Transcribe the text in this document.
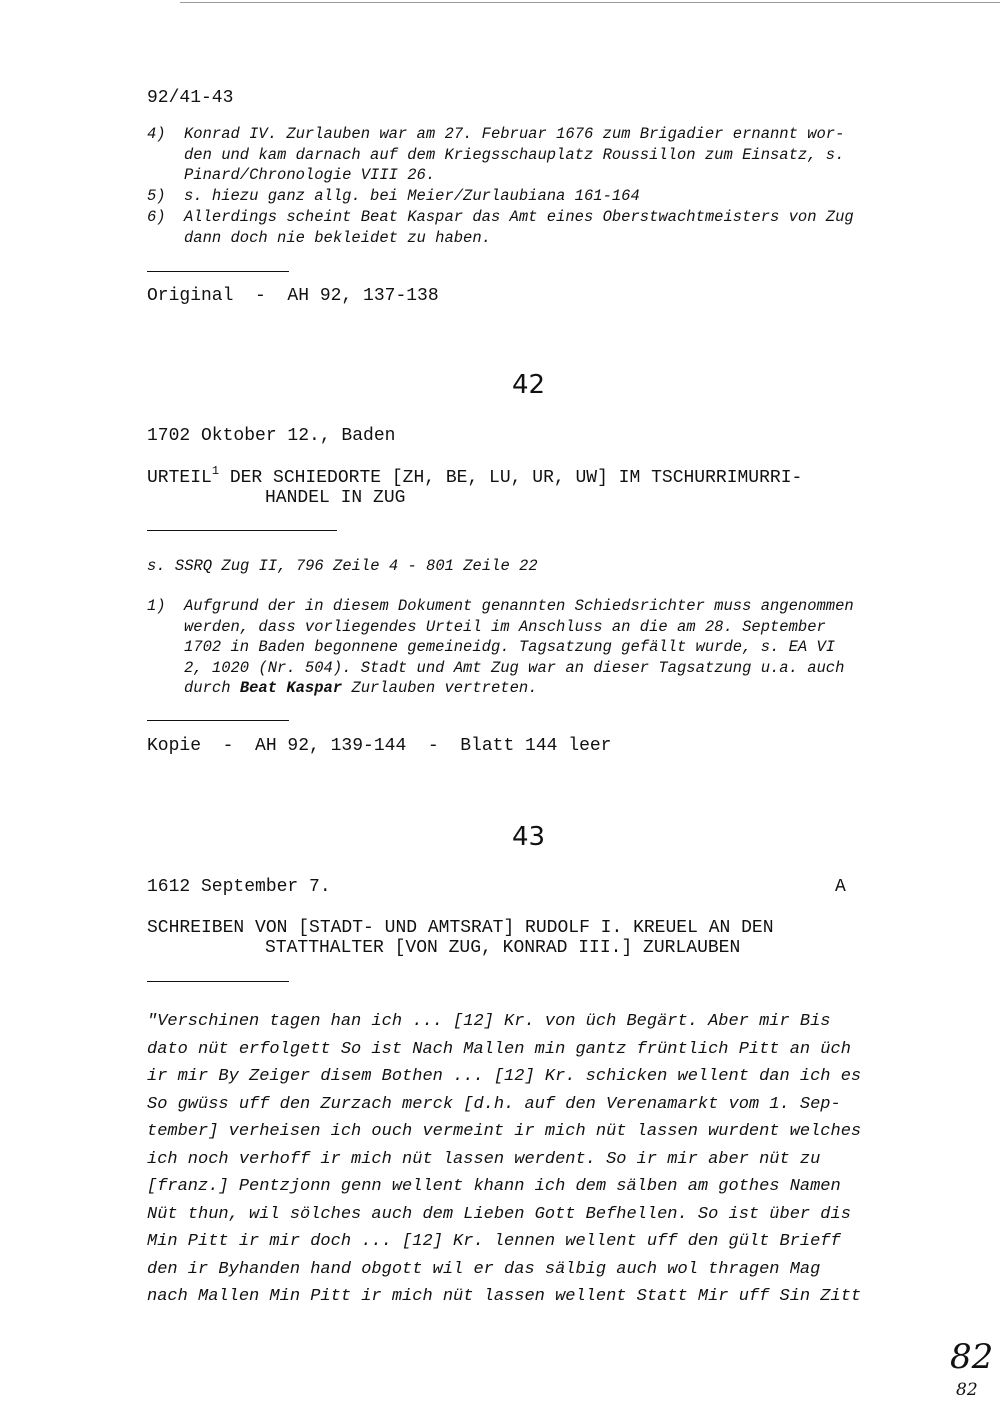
92/41-43
4) Konrad IV. Zurlauben war am 27. Februar 1676 zum Brigadier ernannt wor-
den und kam darnach auf dem Kriegsschauplatz Roussillon zum Einsatz, s.
Pinard/Chronologie VIII 26.
5) s. hiezu ganz allg. bei Meier/Zurlaubiana 161-164
6) Allerdings scheint Beat Kaspar das Amt eines Oberstwachtmeisters von Zug
dann doch nie bekleidet zu haben.
Original  -  AH 92, 137-138
42
1702 Oktober 12., Baden
URTEIL$^1$ DER SCHIEDORTE [ZH, BE, LU, UR, UW] IM TSCHURRIMURRI-
HANDEL IN ZUG
s. SSRQ Zug II, 796 Zeile 4 - 801 Zeile 22
1) Aufgrund der in diesem Dokument genannten Schiedsrichter muss angenommen
werden, dass vorliegendes Urteil im Anschluss an die am 28. September
1702 in Baden begonnene gemeineidg. Tagsatzung gefällt wurde, s. EA VI
2, 1020 (Nr. 504). Stadt und Amt Zug war an dieser Tagsatzung u.a. auch
durch Beat Kaspar Zurlauben vertreten.
Kopie  -  AH 92, 139-144  -  Blatt 144 leer
43
1612 September 7.	A
SCHREIBEN VON [STADT- UND AMTSRAT] RUDOLF I. KREUEL AN DEN
STATTHALTER [VON ZUG, KONRAD III.] ZURLAUBEN
"Verschinen tagen han ich ... [12] Kr. von üch Begärt. Aber mir Bis
dato nüt erfolgett So ist Nach Mallen min gantz früntlich Pitt an üch
ir mir By Zeiger disem Bothen ... [12] Kr. schicken wellent dan ich es
So gwüss uff den Zurzach merck [d.h. auf den Verenamarkt vom 1. Sep-
tember] verheisen ich ouch vermeint ir mich nüt lassen wurdent welches
ich noch verhoff ir mich nüt lassen werdent. So ir mir aber nüt zu
[franz.] Pentzjonn genn wellent khann ich dem sälben am gothes Namen
Nüt thun, wil sölches auch dem Lieben Gott Befhellen. So ist über dis
Min Pitt ir mir doch ... [12] Kr. lennen wellent uff den gült Brieff
den ir Byhanden hand obgott wil er das sälbig auch wol thragen Mag
nach Mallen Min Pitt ir mich nüt lassen wellent Statt Mir uff Sin Zitt
82
82
